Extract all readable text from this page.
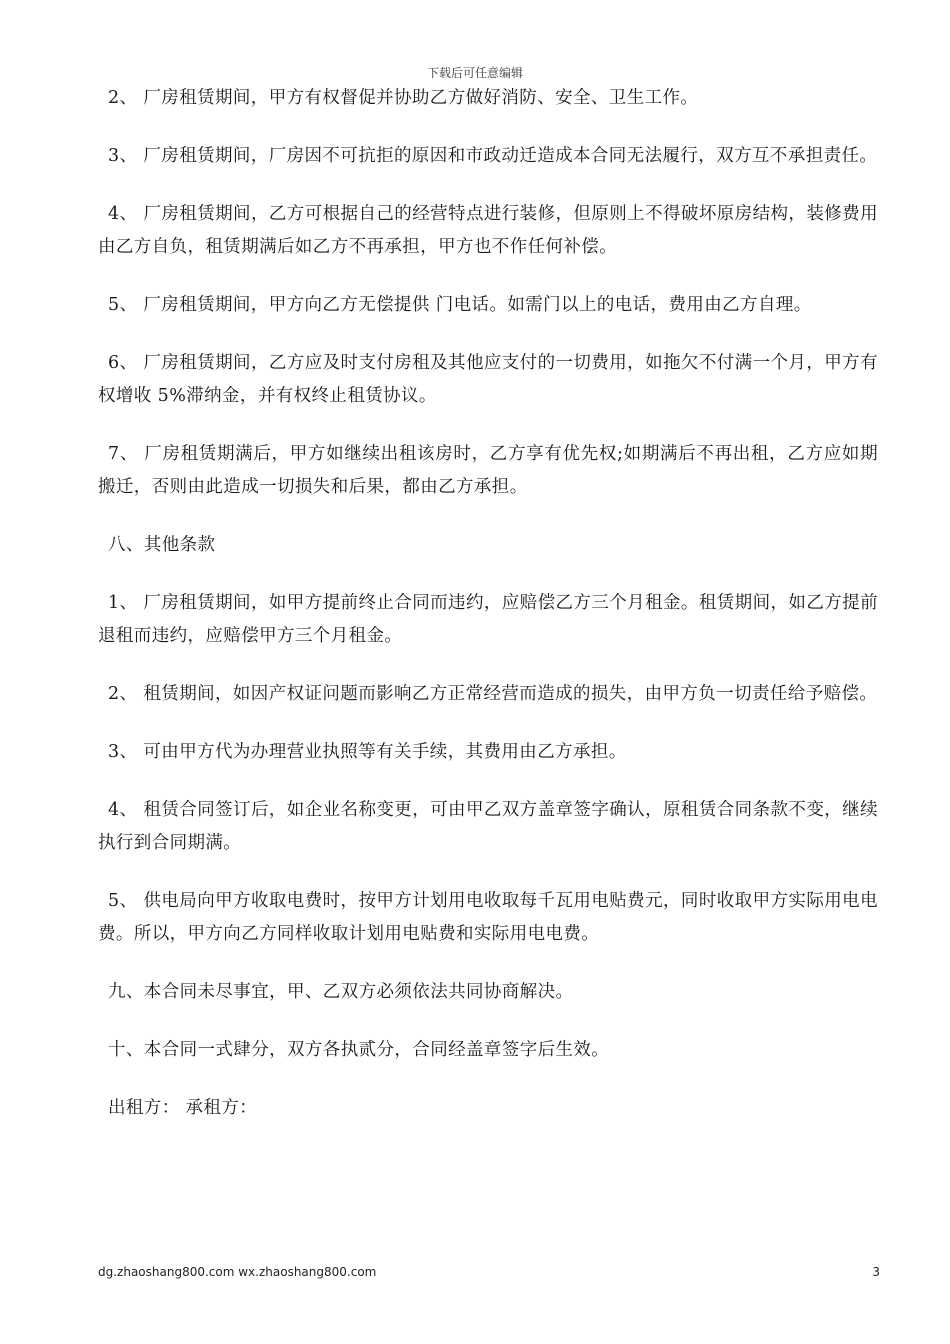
下载后可任意编辑

2、 厂房租赁期间，甲方有权督促并协助乙方做好消防、安全、卫生工作。

3、 厂房租赁期间，厂房因不可抗拒的原因和市政动迁造成本合同无法履行，双方互不承担责任。

4、 厂房租赁期间，乙方可根据自己的经营特点进行装修，但原则上不得破坏原房结构，装修费用由乙方自负，租赁期满后如乙方不再承担，甲方也不作任何补偿。

5、 厂房租赁期间，甲方向乙方无偿提供 门电话。如需门以上的电话，费用由乙方自理。

6、 厂房租赁期间，乙方应及时支付房租及其他应支付的一切费用，如拖欠不付满一个月，甲方有权增收 5%滞纳金，并有权终止租赁协议。

7、 厂房租赁期满后，甲方如继续出租该房时，乙方享有优先权;如期满后不再出租，乙方应如期搬迁，否则由此造成一切损失和后果，都由乙方承担。

八、其他条款

1、 厂房租赁期间，如甲方提前终止合同而违约，应赔偿乙方三个月租金。租赁期间，如乙方提前退租而违约，应赔偿甲方三个月租金。

2、 租赁期间，如因产权证问题而影响乙方正常经营而造成的损失，由甲方负一切责任给予赔偿。

3、 可由甲方代为办理营业执照等有关手续，其费用由乙方承担。

4、 租赁合同签订后，如企业名称变更，可由甲乙双方盖章签字确认，原租赁合同条款不变，继续执行到合同期满。

5、 供电局向甲方收取电费时，按甲方计划用电收取每千瓦用电贴费元，同时收取甲方实际用电电费。所以，甲方向乙方同样收取计划用电贴费和实际用电电费。

九、本合同未尽事宜，甲、乙双方必须依法共同协商解决。

十、本合同一式肆分，双方各执贰分，合同经盖章签字后生效。

出租方： 承租方：

dg.zhaoshang800.com wx.zhaoshang800.com	3
